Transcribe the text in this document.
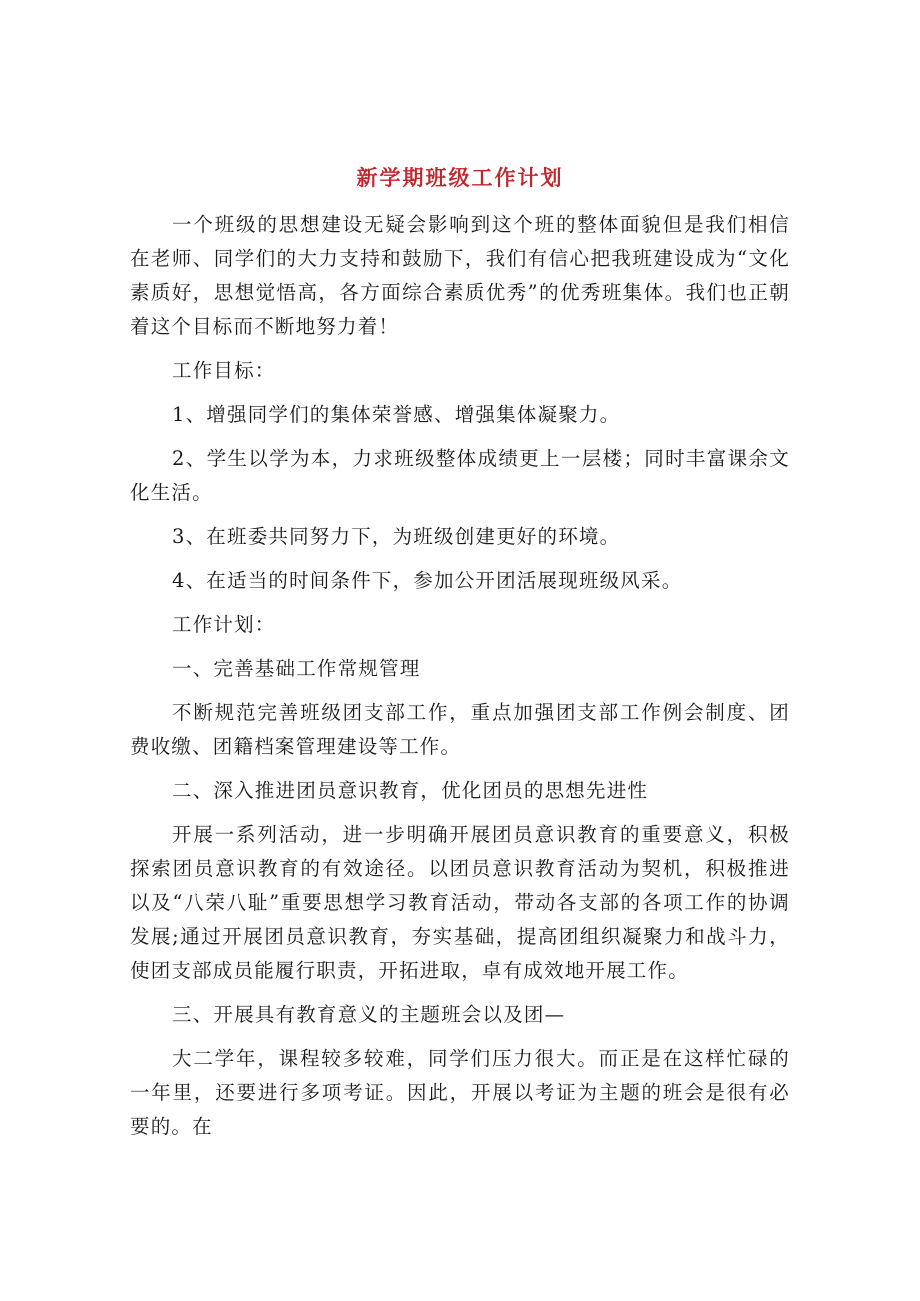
新学期班级工作计划

一个班级的思想建设无疑会影响到这个班的整体面貌但是我们相信在老师、同学们的大力支持和鼓励下，我们有信心把我班建设成为“文化素质好，思想觉悟高，各方面综合素质优秀”的优秀班集体。我们也正朝着这个目标而不断地努力着！

工作目标：

1、增强同学们的集体荣誉感、增强集体凝聚力。

2、学生以学为本，力求班级整体成绩更上一层楼；同时丰富课余文化生活。

3、在班委共同努力下，为班级创建更好的环境。

4、在适当的时间条件下，参加公开团活展现班级风采。

工作计划：

一、完善基础工作常规管理

不断规范完善班级团支部工作，重点加强团支部工作例会制度、团费收缴、团籍档案管理建设等工作。

二、深入推进团员意识教育，优化团员的思想先进性

开展一系列活动，进一步明确开展团员意识教育的重要意义，积极探索团员意识教育的有效途径。以团员意识教育活动为契机，积极推进以及“八荣八耻”重要思想学习教育活动，带动各支部的各项工作的协调发展;通过开展团员意识教育，夯实基础，提高团组织凝聚力和战斗力，使团支部成员能履行职责，开拓进取，卓有成效地开展工作。

三、开展具有教育意义的主题班会以及团—

大二学年，课程较多较难，同学们压力很大。而正是在这样忙碌的一年里，还要进行多项考证。因此，开展以考证为主题的班会是很有必要的。在
